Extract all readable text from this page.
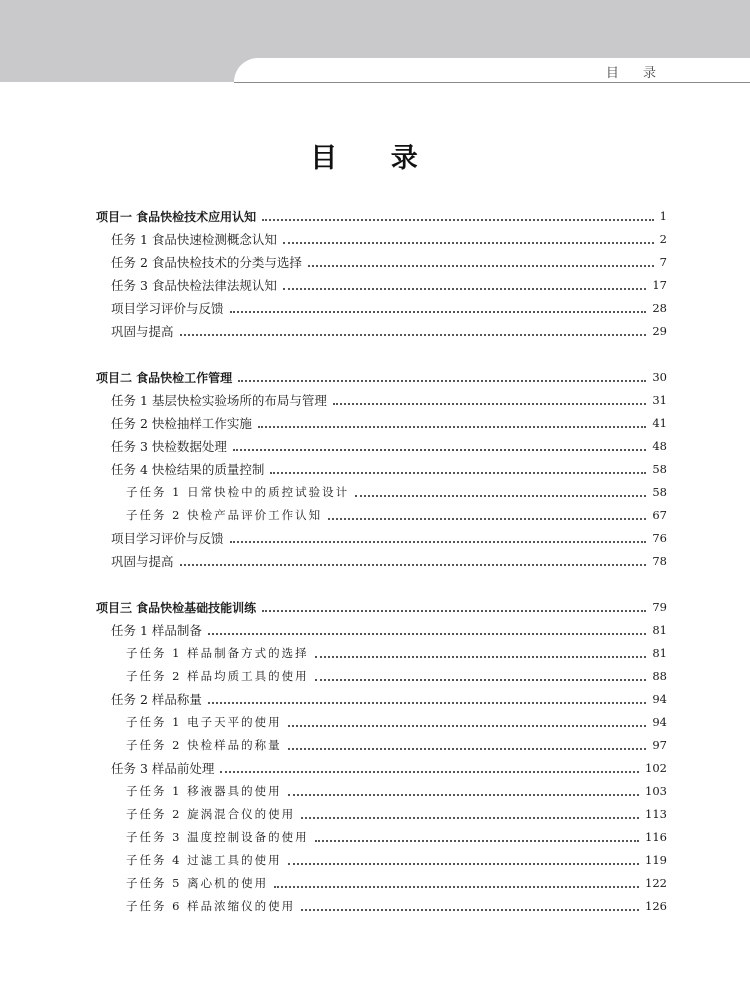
目 录
目 录
项目一 食品快检技术应用认知	1
任务 1 食品快速检测概念认知	2
任务 2 食品快检技术的分类与选择	7
任务 3 食品快检法律法规认知	17
项目学习评价与反馈	28
巩固与提高	29
项目二 食品快检工作管理	30
任务 1 基层快检实验场所的布局与管理	31
任务 2 快检抽样工作实施	41
任务 3 快检数据处理	48
任务 4 快检结果的质量控制	58
子任务 1 日常快检中的质控试验设计	58
子任务 2 快检产品评价工作认知	67
项目学习评价与反馈	76
巩固与提高	78
项目三 食品快检基础技能训练	79
任务 1 样品制备	81
子任务 1 样品制备方式的选择	81
子任务 2 样品均质工具的使用	88
任务 2 样品称量	94
子任务 1 电子天平的使用	94
子任务 2 快检样品的称量	97
任务 3 样品前处理	102
子任务 1 移液器具的使用	103
子任务 2 旋涡混合仪的使用	113
子任务 3 温度控制设备的使用	116
子任务 4 过滤工具的使用	119
子任务 5 离心机的使用	122
子任务 6 样品浓缩仪的使用	126
